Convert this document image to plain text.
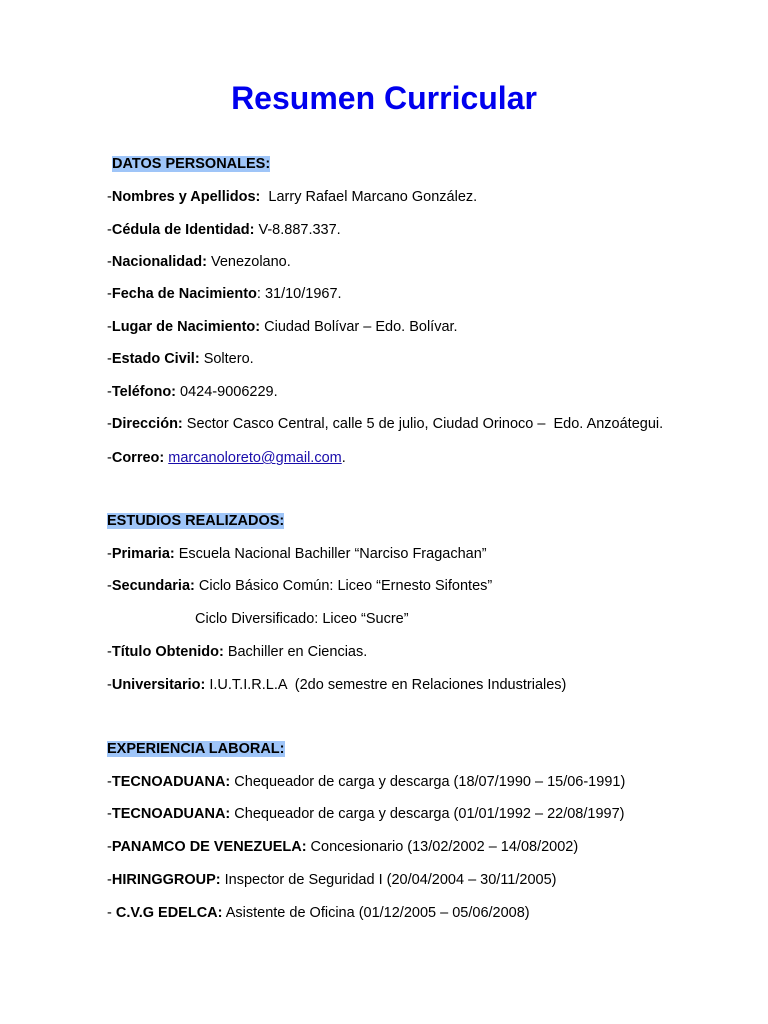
Resumen Curricular
DATOS PERSONALES:
-Nombres y Apellidos:  Larry Rafael Marcano González.
-Cédula de Identidad: V-8.887.337.
-Nacionalidad: Venezolano.
-Fecha de Nacimiento: 31/10/1967.
-Lugar de Nacimiento: Ciudad Bolívar – Edo. Bolívar.
-Estado Civil: Soltero.
-Teléfono: 0424-9006229.
-Dirección: Sector Casco Central, calle 5 de julio, Ciudad Orinoco –  Edo. Anzoátegui.
-Correo: marcanoloreto@gmail.com.
ESTUDIOS REALIZADOS:
-Primaria: Escuela Nacional Bachiller “Narciso Fragachan”
-Secundaria: Ciclo Básico Común: Liceo “Ernesto Sifontes”
Ciclo Diversificado: Liceo “Sucre”
-Título Obtenido: Bachiller en Ciencias.
-Universitario: I.U.T.I.R.L.A  (2do semestre en Relaciones Industriales)
EXPERIENCIA LABORAL:
-TECNOADUANA: Chequeador de carga y descarga (18/07/1990 – 15/06-1991)
-TECNOADUANA: Chequeador de carga y descarga (01/01/1992 – 22/08/1997)
-PANAMCO DE VENEZUELA: Concesionario (13/02/2002 – 14/08/2002)
-HIRINGGROUP: Inspector de Seguridad I (20/04/2004 – 30/11/2005)
- C.V.G EDELCA: Asistente de Oficina (01/12/2005 – 05/06/2008)
